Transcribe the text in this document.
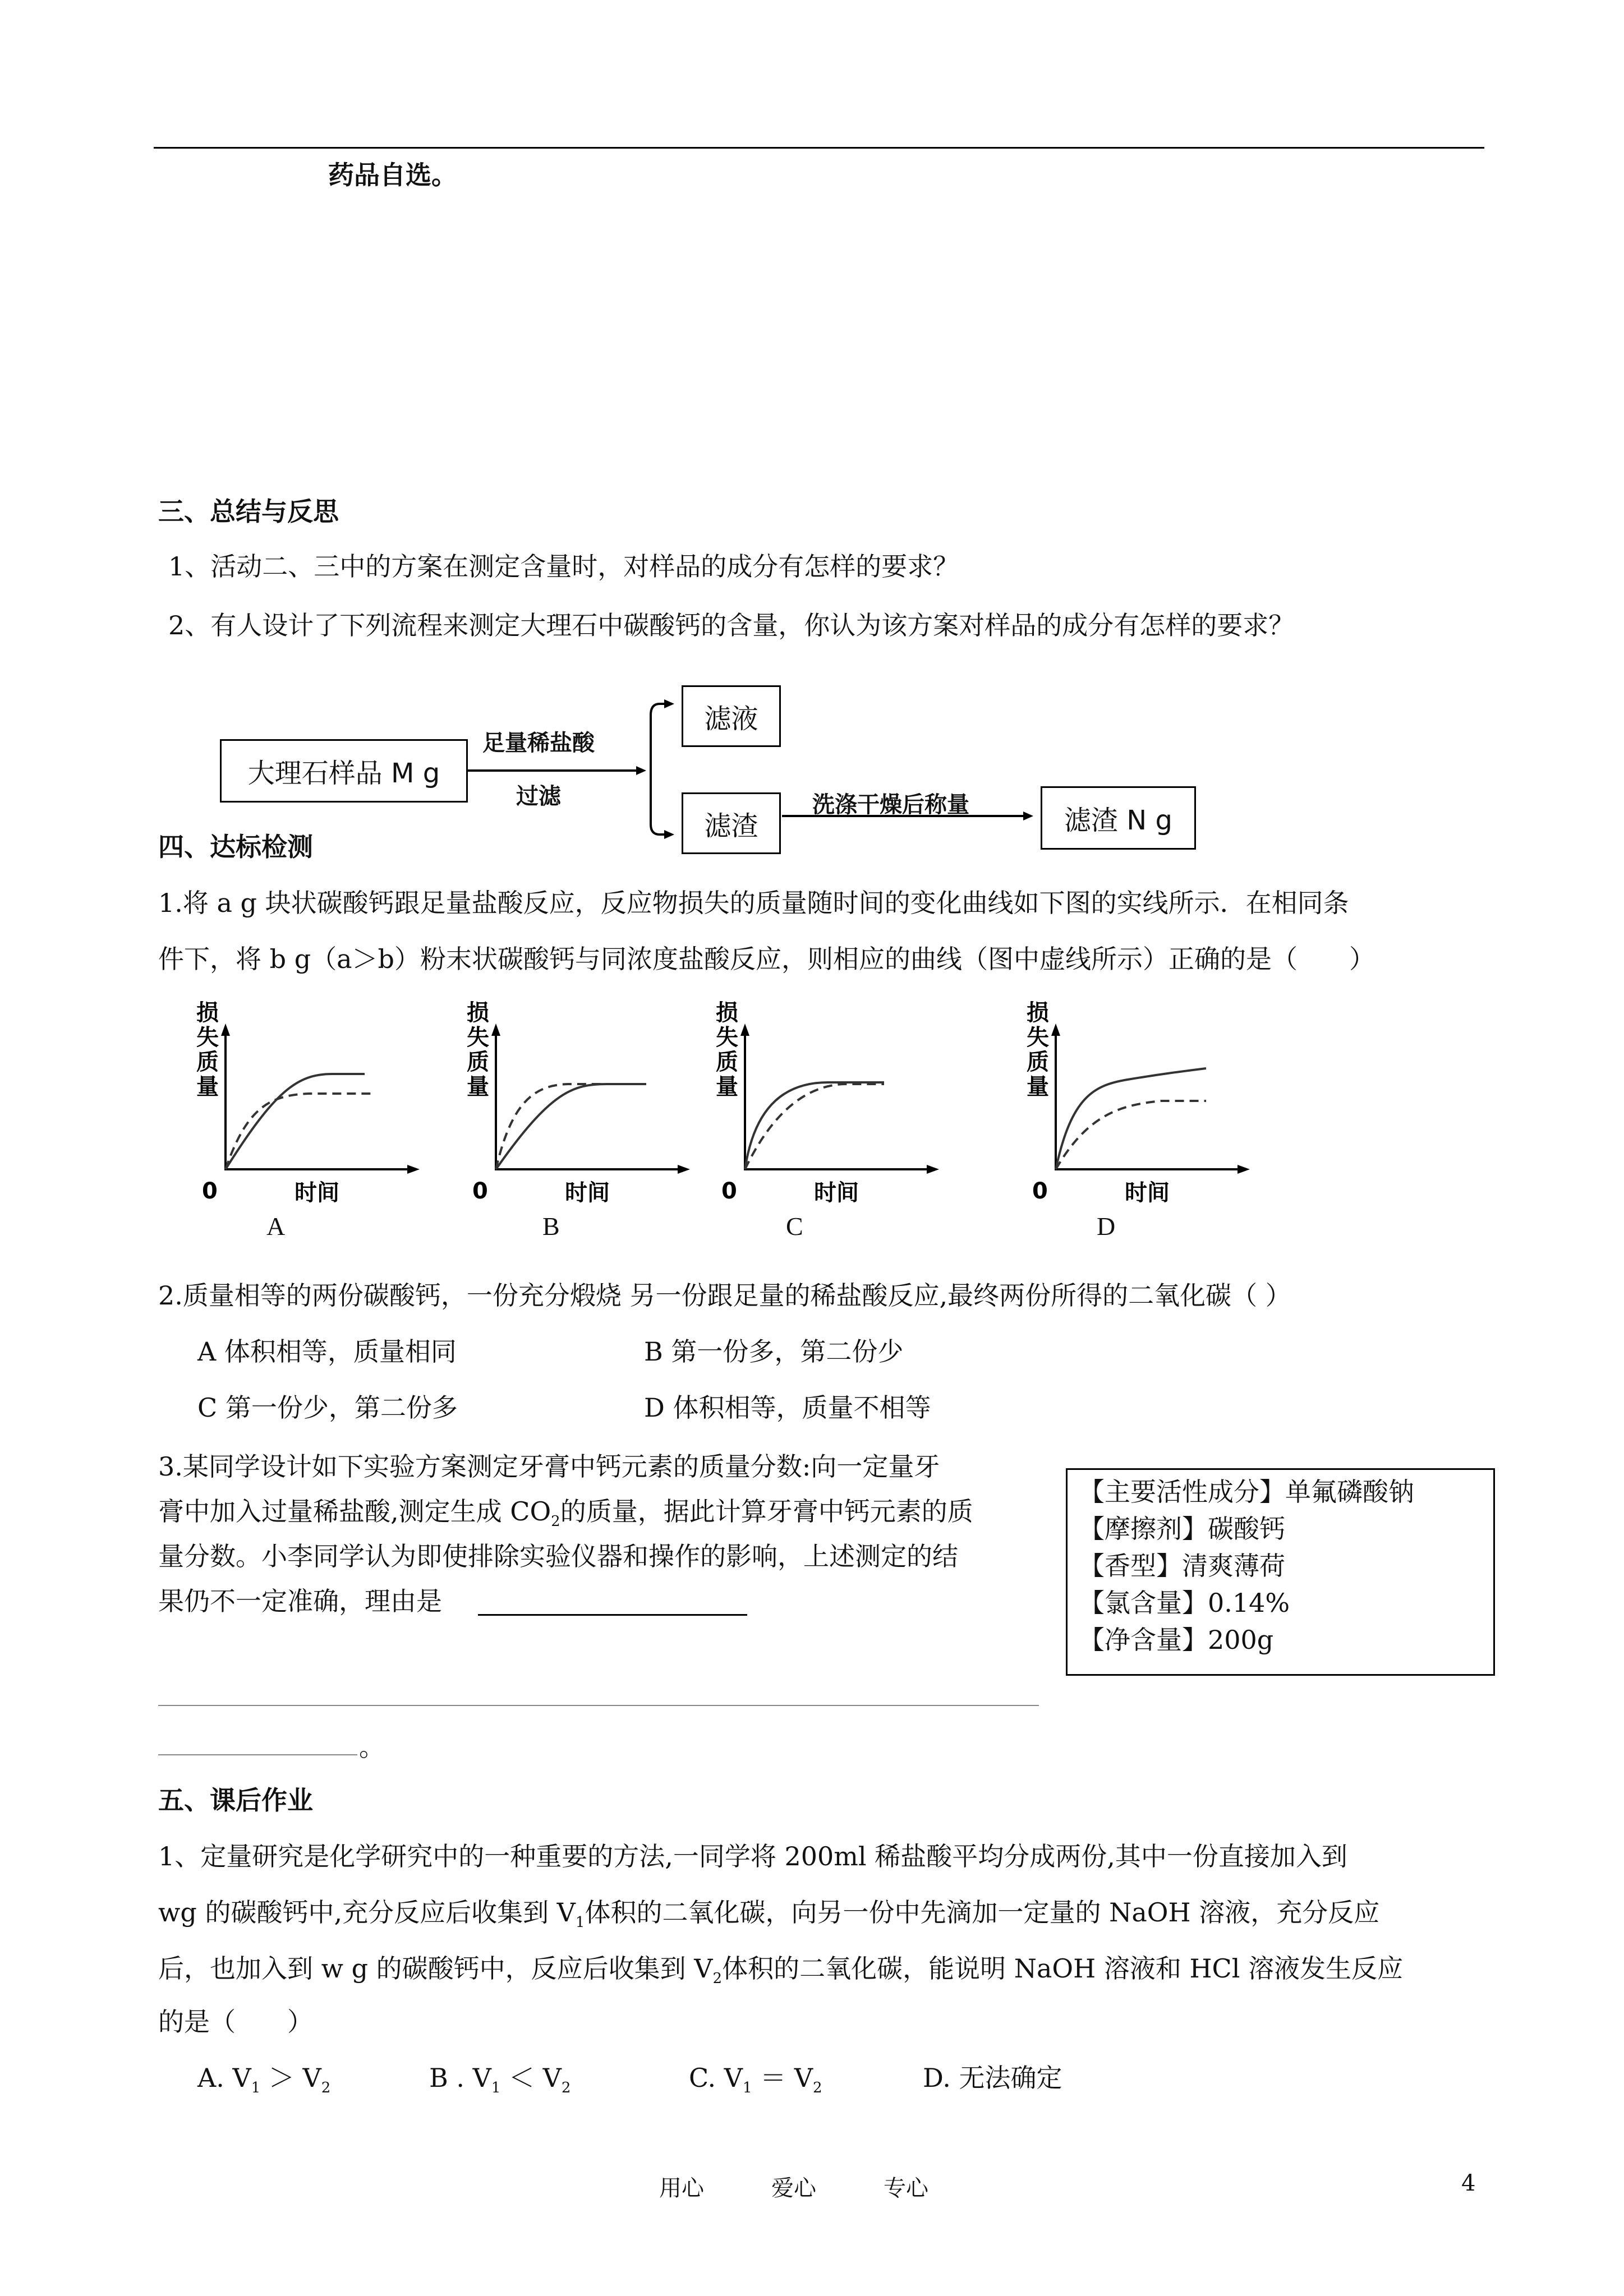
药品自选。
三、总结与反思
1、活动二、三中的方案在测定含量时，对样品的成分有怎样的要求？
2、有人设计了下列流程来测定大理石中碳酸钙的含量，你认为该方案对样品的成分有怎样的要求？
大理石样品 M g
足量稀盐酸
过滤
滤液
滤渣
洗涤干燥后称量	滤渣 N g
四、达标检测
1.将 a g 块状碳酸钙跟足量盐酸反应，反应物损失的质量随时间的变化曲线如下图的实线所示．在相同条
件下，将 b g（a＞b）粉末状碳酸钙与同浓度盐酸反应，则相应的曲线（图中虚线所示）正确的是（　　）
损
失
质
量
0	时间
A
损
失
质
量
0	时间
B
损
失
质
量
0	时间
C
损
失
质
量
0	时间
D
2.质量相等的两份碳酸钙，一份充分煅烧 另一份跟足量的稀盐酸反应,最终两份所得的二氧化碳（ ）
A 体积相等，质量相同	B 第一份多，第二份少
C 第一份少，第二份多	D 体积相等，质量不相等
3.某同学设计如下实验方案测定牙膏中钙元素的质量分数:向一定量牙
膏中加入过量稀盐酸,测定生成 $CO_2$的质量，据此计算牙膏中钙元素的质
量分数。小李同学认为即使排除实验仪器和操作的影响，上述测定的结
果仍不一定准确，理由是
。
【主要活性成分】单氟磷酸钠
【摩擦剂】碳酸钙
【香型】清爽薄荷
【氯含量】0.14%
【净含量】200g
五、课后作业
1、定量研究是化学研究中的一种重要的方法,一同学将 200ml 稀盐酸平均分成两份,其中一份直接加入到
wg 的碳酸钙中,充分反应后收集到 $V_1$体积的二氧化碳，向另一份中先滴加一定量的 NaOH 溶液，充分反应
后，也加入到 w g 的碳酸钙中，反应后收集到 $V_2$体积的二氧化碳，能说明 NaOH 溶液和 HCl 溶液发生反应
的是（　　）
A. $V_1 > V_2$	B . $V_1 < V_2$	C. $V_1 = V_2$	D. 无法确定
用心	爱心	专心	4
